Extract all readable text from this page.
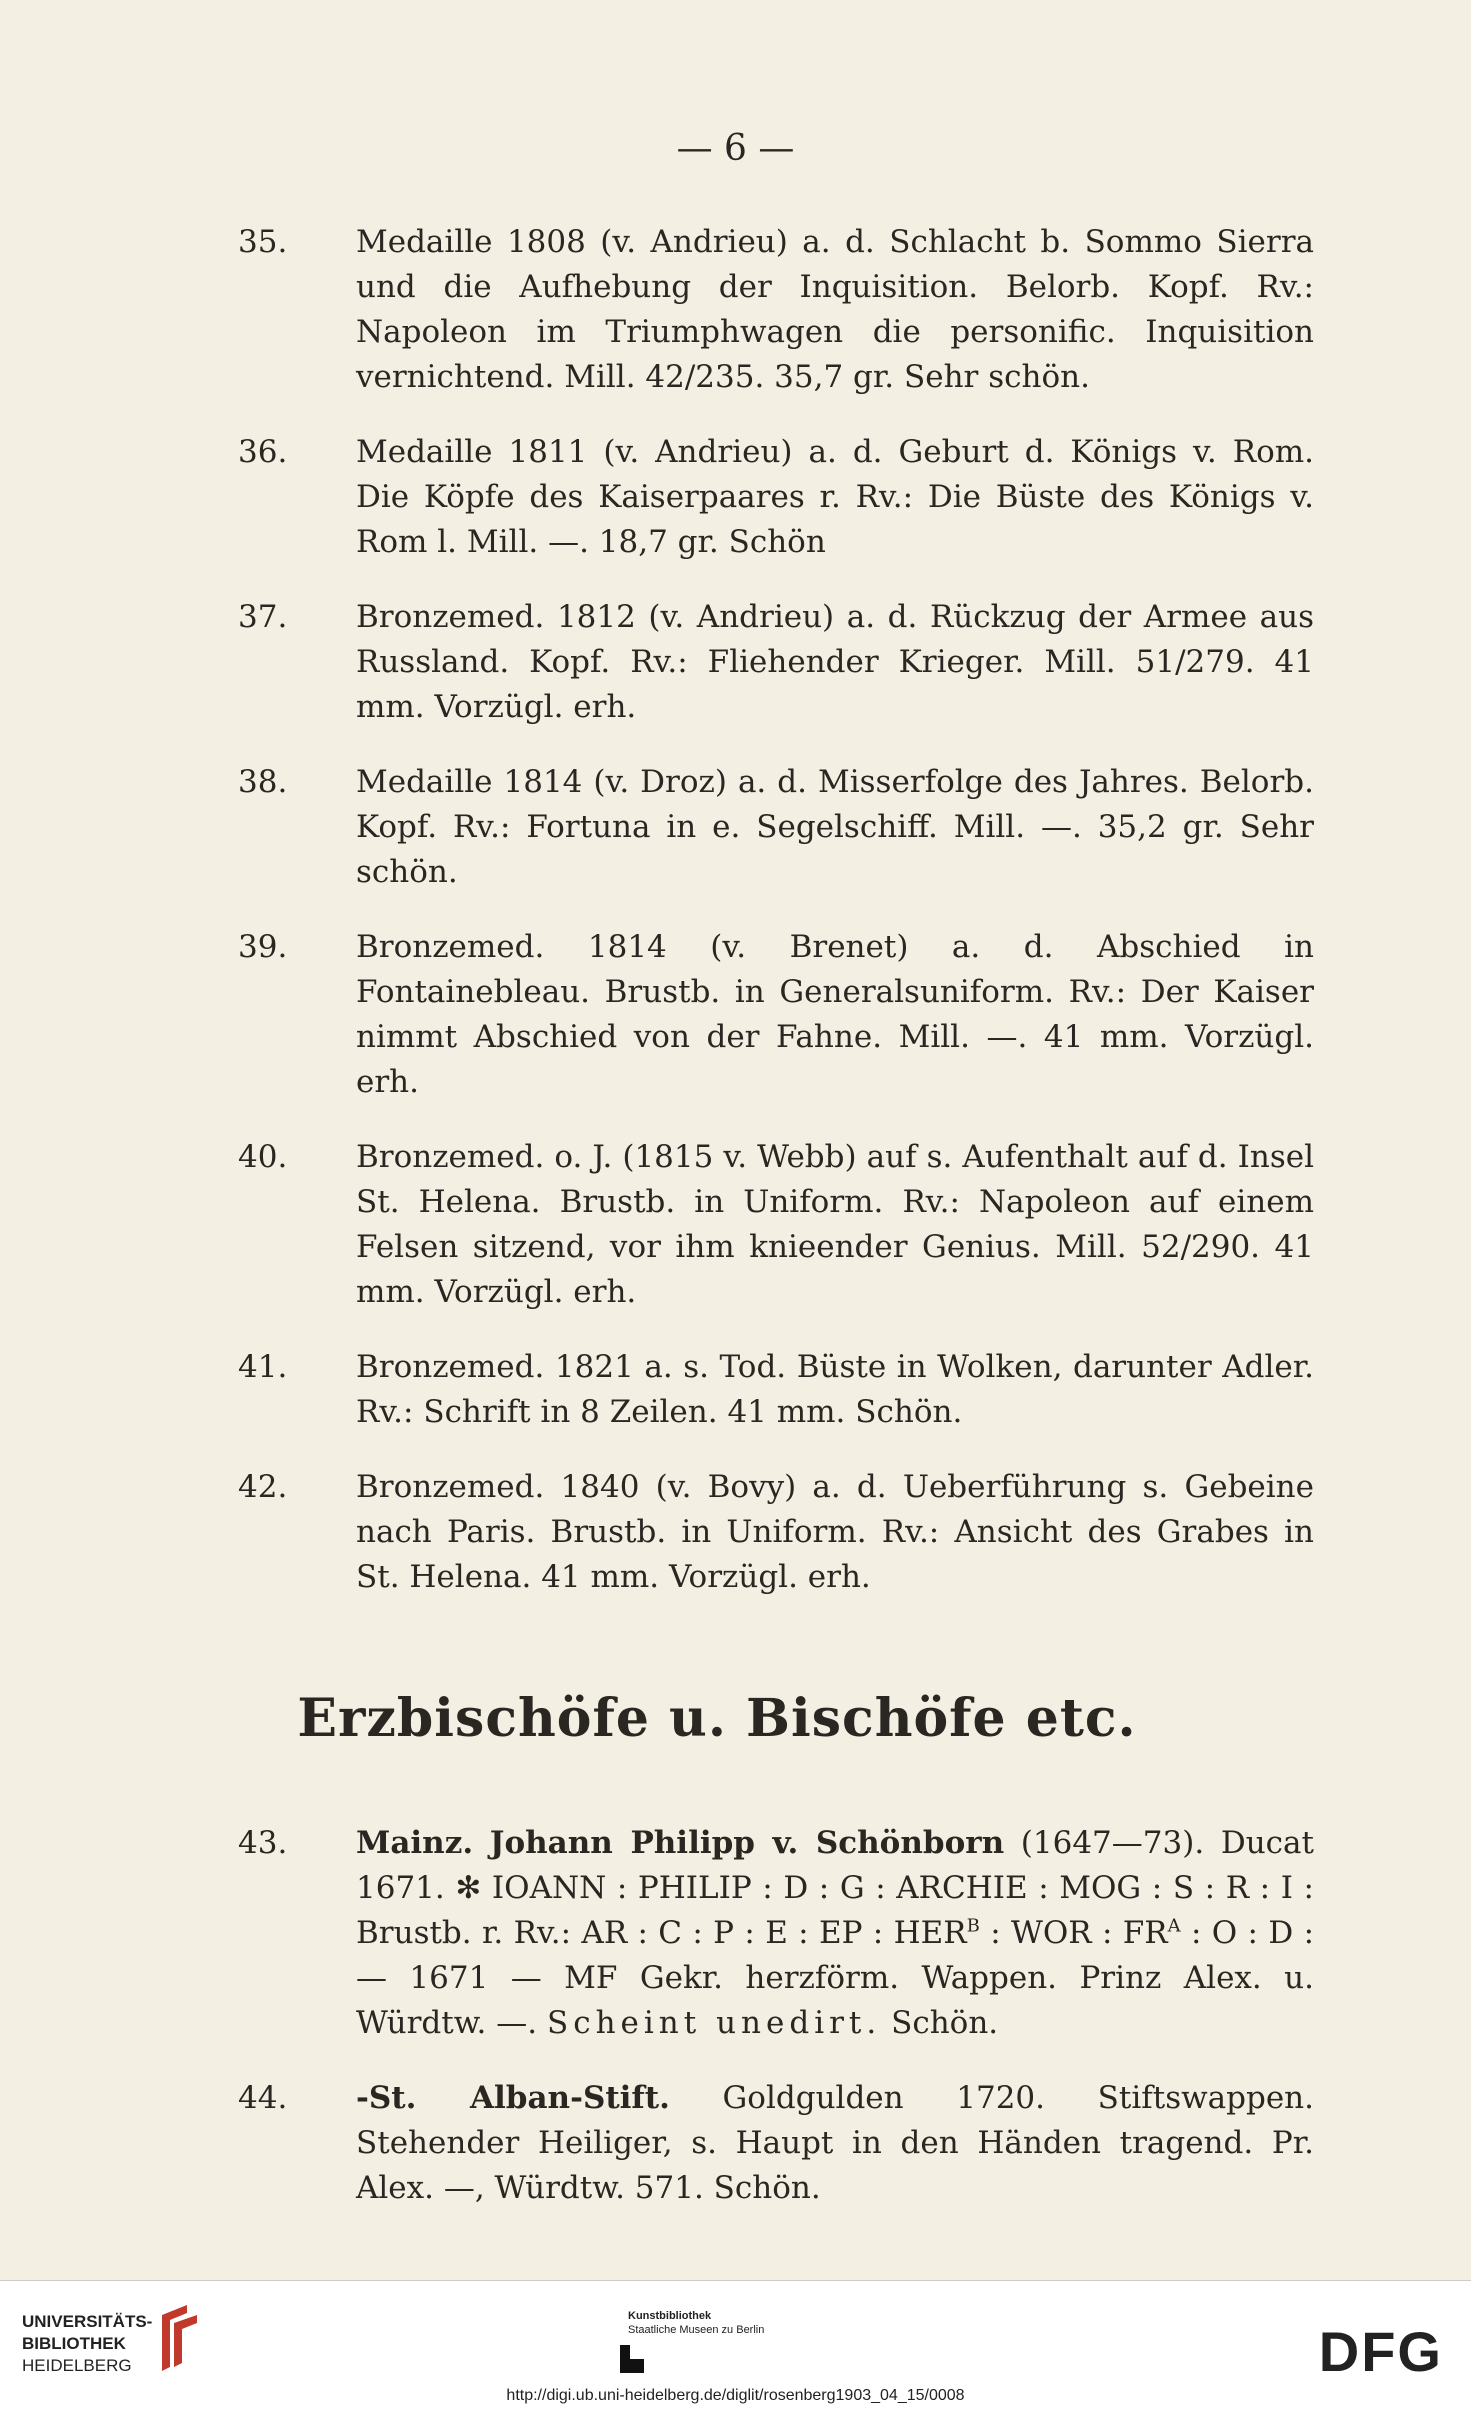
— 6 —
35. Medaille 1808 (v. Andrieu) a. d. Schlacht b. Sommo Sierra und die Aufhebung der Inquisition. Belorb. Kopf. Rv.: Napoleon im Triumphwagen die personific. Inquisition vernichtend. Mill. 42/235. 35,7 gr. Sehr schön.
36. Medaille 1811 (v. Andrieu) a. d. Geburt d. Königs v. Rom. Die Köpfe des Kaiserpaares r. Rv.: Die Büste des Königs v. Rom l. Mill. —. 18,7 gr. Schön
37. Bronzemed. 1812 (v. Andrieu) a. d. Rückzug der Armee aus Russland. Kopf. Rv.: Fliehender Krieger. Mill. 51/279. 41 mm. Vorzügl. erh.
38. Medaille 1814 (v. Droz) a. d. Misserfolge des Jahres. Belorb. Kopf. Rv.: Fortuna in e. Segelschiff. Mill. —. 35,2 gr. Sehr schön.
39. Bronzemed. 1814 (v. Brenet) a. d. Abschied in Fontainebleau. Brustb. in Generalsuniform. Rv.: Der Kaiser nimmt Abschied von der Fahne. Mill. —. 41 mm. Vorzügl. erh.
40. Bronzemed. o. J. (1815 v. Webb) auf s. Aufenthalt auf d. Insel St. Helena. Brustb. in Uniform. Rv.: Napoleon auf einem Felsen sitzend, vor ihm knieender Genius. Mill. 52/290. 41 mm. Vorzügl. erh.
41. Bronzemed. 1821 a. s. Tod. Büste in Wolken, darunter Adler. Rv.: Schrift in 8 Zeilen. 41 mm. Schön.
42. Bronzemed. 1840 (v. Bovy) a. d. Ueberführung s. Gebeine nach Paris. Brustb. in Uniform. Rv.: Ansicht des Grabes in St. Helena. 41 mm. Vorzügl. erh.
Erzbischöfe u. Bischöfe etc.
43. Mainz. Johann Philipp v. Schönborn (1647—73). Ducat 1671. ✻ IOANN : PHILIP : D : G : ARCHIE : MOG : S : R : I : Brustb. r. Rv.: AR : C : P : E : EP : $HER^B$ : WOR : $FR^A$ : O : D : — 1671 — MF Gekr. herzförm. Wappen. Prinz Alex. u. Würdtw. —. Scheint unedirt. Schön.
44. -St. Alban-Stift. Goldgulden 1720. Stiftswappen. Stehender Heiliger, s. Haupt in den Händen tragend. Pr. Alex. —, Würdtw. 571. Schön.
UNIVERSITÄTS-
BIBLIOTHEK
HEIDELBERG
Kunstbibliothek
Staatliche Museen zu Berlin	DFG
http://digi.ub.uni-heidelberg.de/diglit/rosenberg1903_04_15/0008
